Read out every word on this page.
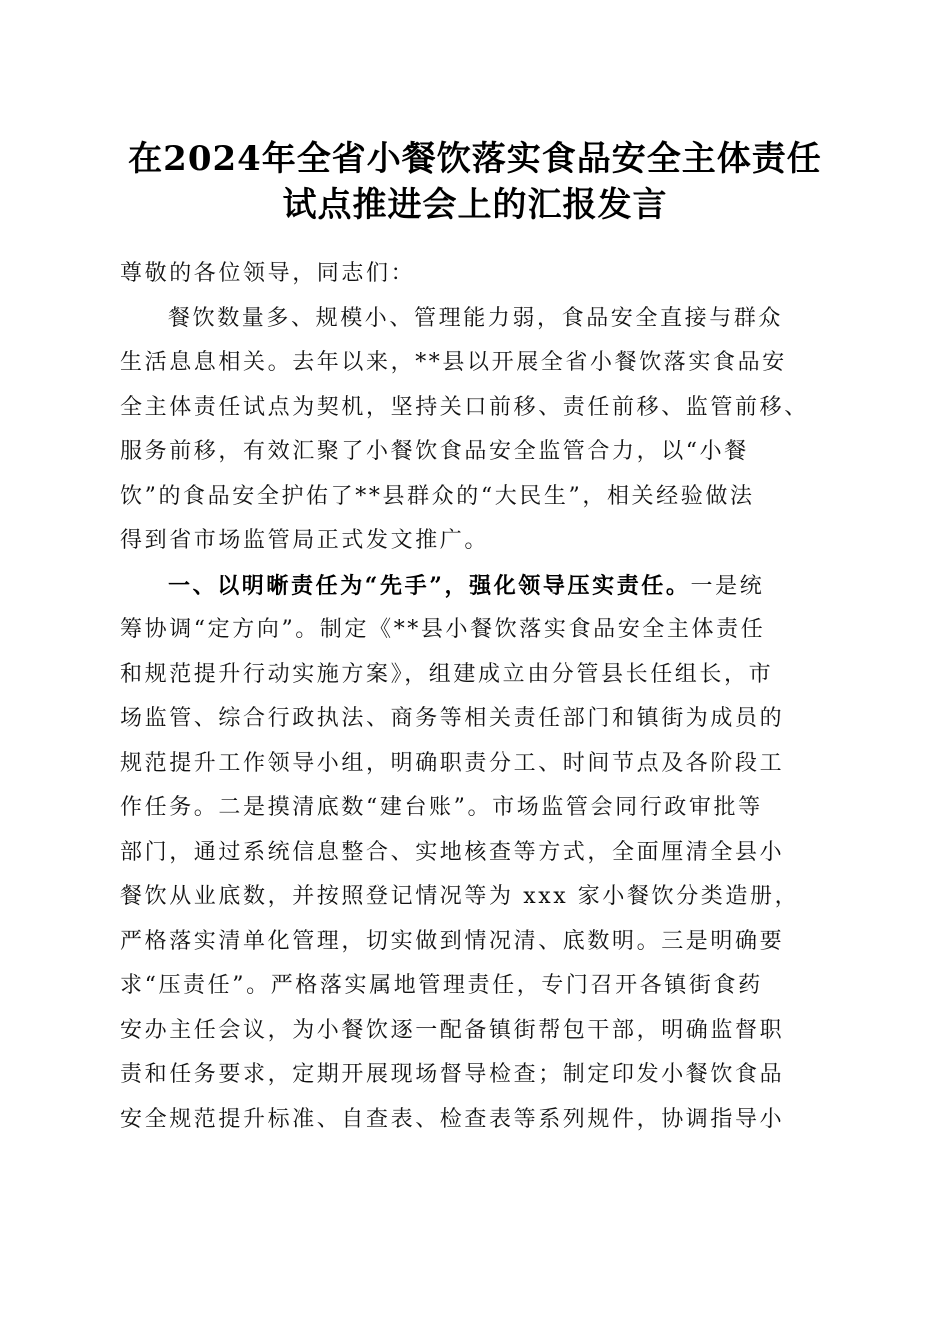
在2024年全省小餐饮落实食品安全主体责任
试点推进会上的汇报发言
尊敬的各位领导，同志们：
餐饮数量多、规模小、管理能力弱，食品安全直接与群众
生活息息相关。去年以来，**县以开展全省小餐饮落实食品安
全主体责任试点为契机，坚持关口前移、责任前移、监管前移、
服务前移，有效汇聚了小餐饮食品安全监管合力，以“小餐
饮”的食品安全护佑了**县群众的“大民生”，相关经验做法
得到省市场监管局正式发文推广。
一、以明晰责任为“先手”，强化领导压实责任。一是统
筹协调“定方向”。制定《**县小餐饮落实食品安全主体责任
和规范提升行动实施方案》，组建成立由分管县长任组长，市
场监管、综合行政执法、商务等相关责任部门和镇街为成员的
规范提升工作领导小组，明确职责分工、时间节点及各阶段工
作任务。二是摸清底数“建台账”。市场监管会同行政审批等
部门，通过系统信息整合、实地核查等方式，全面厘清全县小
餐饮从业底数，并按照登记情况等为 xxx 家小餐饮分类造册，
严格落实清单化管理，切实做到情况清、底数明。三是明确要
求“压责任”。严格落实属地管理责任，专门召开各镇街食药
安办主任会议，为小餐饮逐一配备镇街帮包干部，明确监督职
责和任务要求，定期开展现场督导检查；制定印发小餐饮食品
安全规范提升标准、自查表、检查表等系列规件，协调指导小
